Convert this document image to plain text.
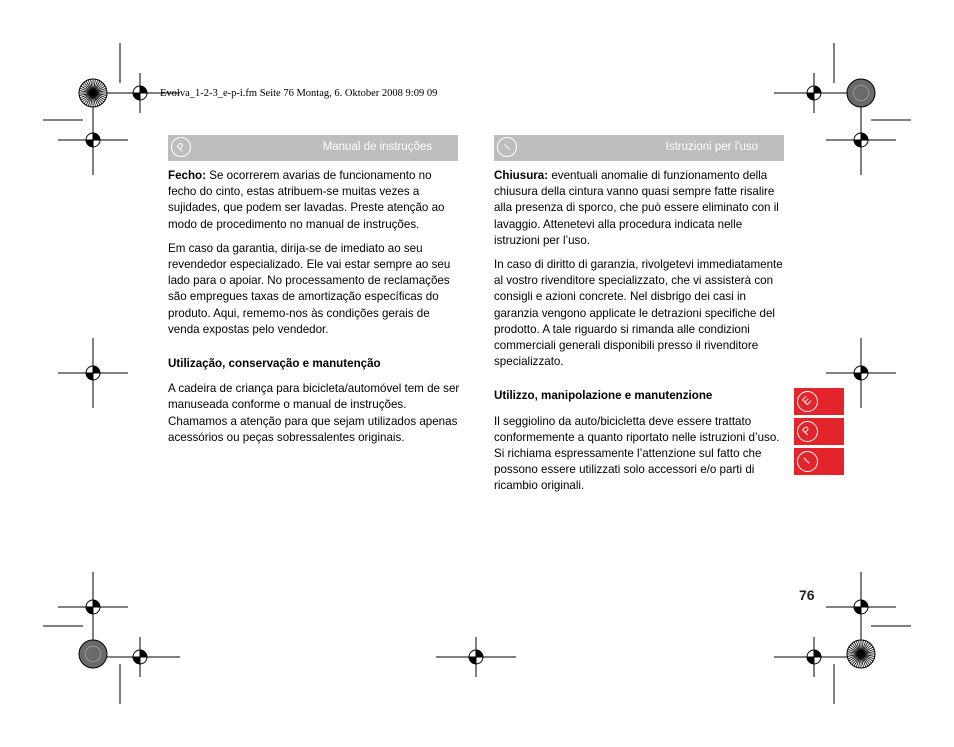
Evolva_1-2-3_e-p-i.fm Seite 76 Montag, 6. Oktober 2008 9:09 09
P	Manual de instruções	I	Istruzioni per l'uso

Fecho: Se ocorrerem avarias de funcionamento no fecho do cinto, estas atribuem-se muitas vezes a sujidades, que podem ser lavadas. Preste atenção ao modo de procedimento no manual de instruções.

Em caso da garantia, dirija-se de imediato ao seu revendedor especializado. Ele vai estar sempre ao seu lado para o apoiar. No processamento de reclamações são empregues taxas de amortização específicas do produto. Aqui, rememo-nos às condições gerais de venda expostas pelo vendedor.

Utilização, conservação e manutenção

A cadeira de criança para bicicleta/automóvel tem de ser manuseada conforme o manual de instruções. Chamamos a atenção para que sejam utilizados apenas acessórios ou peças sobressalentes originais.

Chiusura: eventuali anomalie di funzionamento della chiusura della cintura vanno quasi sempre fatte risalire alla presenza di sporco, che può essere eliminato con il lavaggio. Attenetevi alla procedura indicata nelle istruzioni per l’uso.

In caso di diritto di garanzia, rivolgetevi immediatamente al vostro rivenditore specializzato, che vi assisterà con consigli e azioni concrete. Nel disbrigo dei casi in garanzia vengono applicate le detrazioni specifiche del prodotto. A tale riguardo si rimanda alle condizioni commerciali generali disponibili presso il rivenditore specializzato.

Utilizzo, manipolazione e manutenzione

Il seggiolino da auto/bicicletta deve essere trattato conformemente a quanto riportato nelle istruzioni d’uso. Si richiama espressamente l’attenzione sul fatto che possono essere utilizzati solo accessori e/o parti di ricambio originali.

E
P
I
76
